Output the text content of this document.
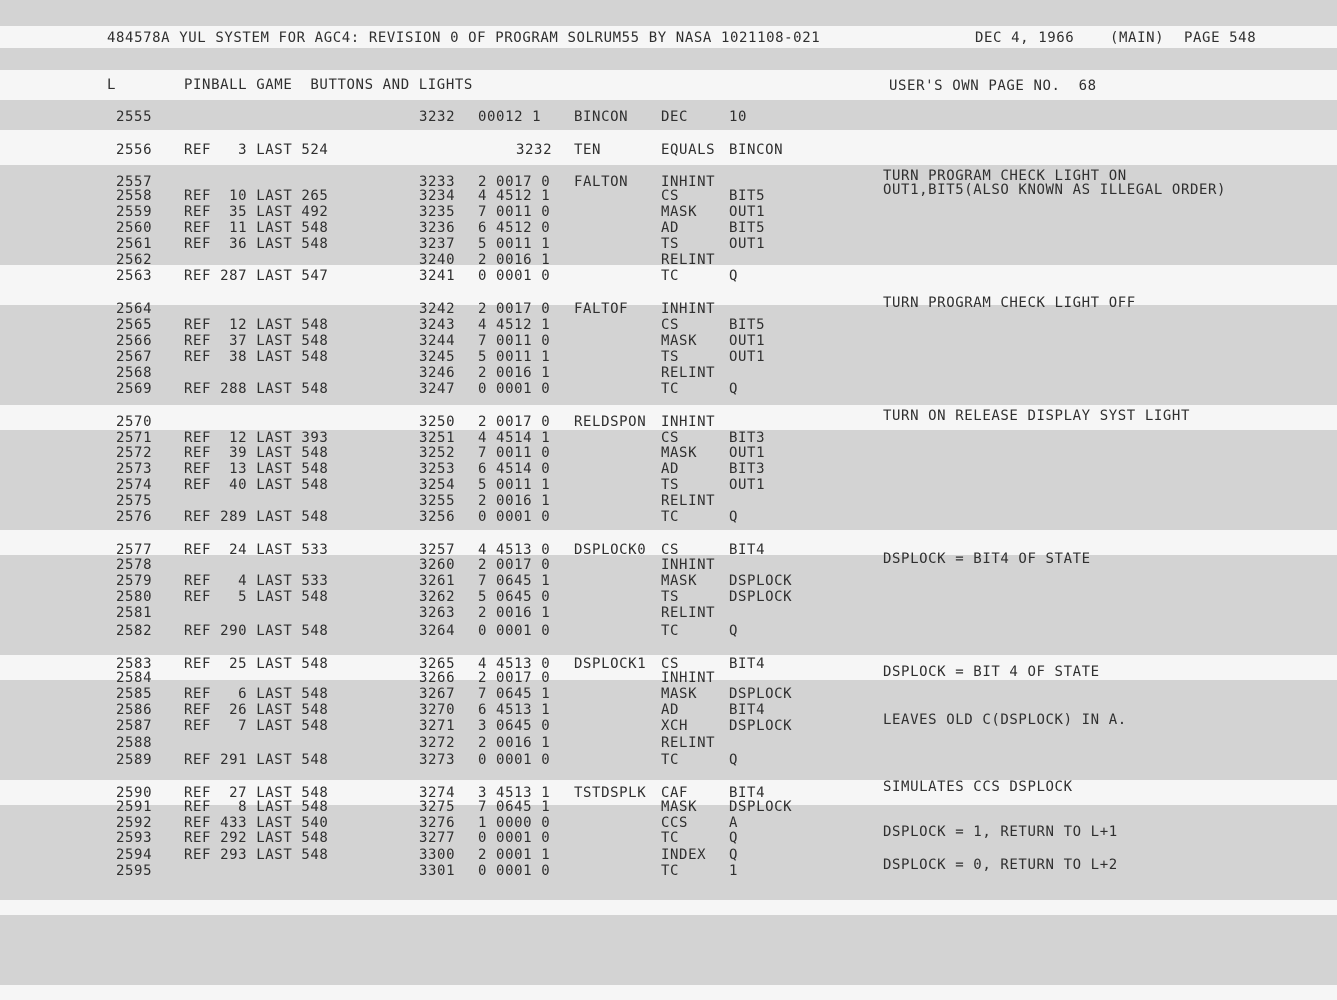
484578A YUL SYSTEM FOR AGC4: REVISION 0 OF PROGRAM SOLRUM55 BY NASA 1021108-021	DEC 4, 1966	(MAIN) PAGE 548
L	PINBALL GAME  BUTTONS AND LIGHTS	USER'S OWN PAGE NO.  68
2555	3232 00012 1 BINCON DEC	10
2556 REF   3 LAST 524	3232 TEN	EQUALS BINCON
2557	3233 2 0017 0 FALTON INHINT	TURN PROGRAM CHECK LIGHT ON
2558 REF  10 LAST 265	3234 4 4512 1	CS	BIT5	OUT1,BIT5(ALSO KNOWN AS ILLEGAL ORDER)
2559 REF  35 LAST 492	3235 7 0011 0	MASK OUT1
2560 REF  11 LAST 548	3236 6 4512 0	AD	BIT5
2561 REF  36 LAST 548	3237 5 0011 1	TS	OUT1
2562	3240 2 0016 1	RELINT
2563 REF 287 LAST 547	3241 0 0001 0	TC	Q
2564	3242 2 0017 0 FALTOF INHINT	TURN PROGRAM CHECK LIGHT OFF
2565 REF  12 LAST 548	3243 4 4512 1	CS	BIT5
2566 REF  37 LAST 548	3244 7 0011 0	MASK OUT1
2567 REF  38 LAST 548	3245 5 0011 1	TS	OUT1
2568	3246 2 0016 1	RELINT
2569 REF 288 LAST 548	3247 0 0001 0	TC	Q
2570	3250 2 0017 0 RELDSPON INHINT	TURN ON RELEASE DISPLAY SYST LIGHT
2571 REF  12 LAST 393	3251 4 4514 1	CS	BIT3
2572 REF  39 LAST 548	3252 7 0011 0	MASK OUT1
2573 REF  13 LAST 548	3253 6 4514 0	AD	BIT3
2574 REF  40 LAST 548	3254 5 0011 1	TS	OUT1
2575	3255 2 0016 1	RELINT
2576 REF 289 LAST 548	3256 0 0001 0	TC	Q
2577 REF  24 LAST 533	3257 4 4513 0 DSPLOCK0 CS	BIT4
2578	3260 2 0017 0	INHINT	DSPLOCK = BIT4 OF STATE
2579 REF   4 LAST 533	3261 7 0645 1	MASK DSPLOCK
2580 REF   5 LAST 548	3262 5 0645 0	TS	DSPLOCK
2581	3263 2 0016 1	RELINT
2582 REF 290 LAST 548	3264 0 0001 0	TC	Q
2583 REF  25 LAST 548	3265 4 4513 0 DSPLOCK1 CS	BIT4
2584	3266 2 0017 0	INHINT	DSPLOCK = BIT 4 OF STATE
2585 REF   6 LAST 548	3267 7 0645 1	MASK DSPLOCK
2586 REF  26 LAST 548	3270 6 4513 1	AD	BIT4
2587 REF   7 LAST 548	3271 3 0645 0	XCH	DSPLOCK	LEAVES OLD C(DSPLOCK) IN A.
2588	3272 2 0016 1	RELINT
2589 REF 291 LAST 548	3273 0 0001 0	TC	Q
2590 REF  27 LAST 548	3274 3 4513 1 TSTDSPLK CAF	BIT4	SIMULATES CCS DSPLOCK
2591 REF   8 LAST 548	3275 7 0645 1	MASK DSPLOCK
2592 REF 433 LAST 540	3276 1 0000 0	CCS	A
2593 REF 292 LAST 548	3277 0 0001 0	TC	Q	DSPLOCK = 1, RETURN TO L+1
2594 REF 293 LAST 548	3300 2 0001 1	INDEX Q
2595	3301 0 0001 0	TC	1	DSPLOCK = 0, RETURN TO L+2
